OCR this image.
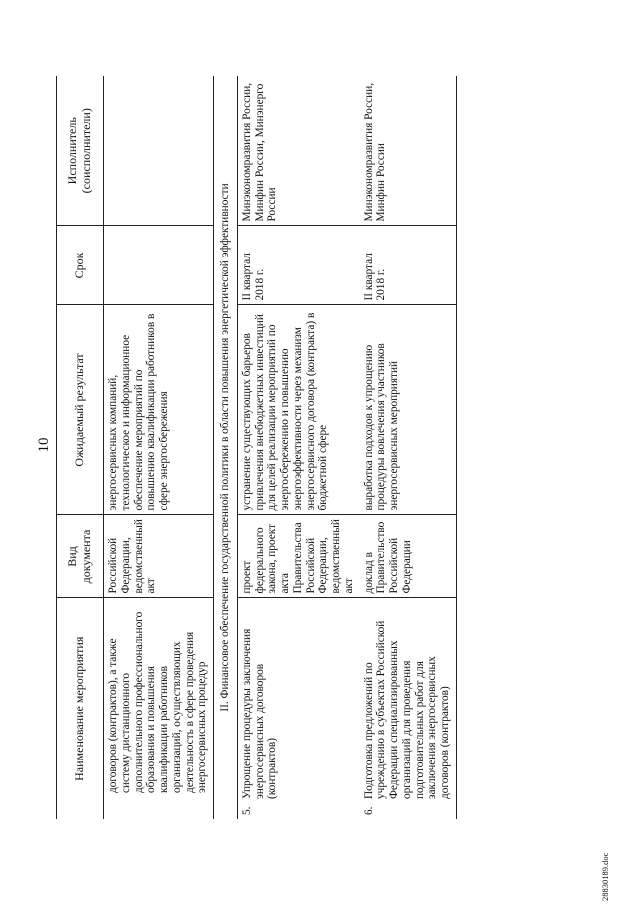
10
Наименование мероприятия	Вид документа	Ожидаемый результат	Срок	Исполнитель (соисполнители)

договоров (контрактов), а также систему дистанционного дополнительного профессионального образования и повышения квалификации работников организаций, осуществляющих деятельность в сфере проведения энергосервисных процедур	Российской Федерации, ведомственный акт	энергосервисных компаний, технологическое и информационное обеспечение мероприятий по повышению квалификации работников в сфере энергосбережения		
II. Финансовое обеспечение государственной политики в области повышения энергетической эффективности				
5.Упрощение процедуры заключения энергосервисных договоров (контрактов)	проект федерального закона, проект акта Правительства Российской Федерации, ведомственный акт	устранение существующих барьеров привлечения внебюджетных инвестиций для целей реализации мероприятий по энергосбережению и повышению энергоэффективности через механизм энергосервисного договора (контракта) в бюджетной сфере	II квартал 2018 г.	Минэкономразвития России, Минфин России, Минэнерго России
6.Подготовка предложений по учреждению в субъектах Российской Федерации специализированных организаций для проведения подготовительных работ для заключения энергосервисных договоров (контрактов)	доклад в Правительство Российской Федерации	выработка подходов к упрощению процедуры вовлечения участников энергосервисных мероприятий	II квартал 2018 г.	Минэкономразвития России, Минфин России
28830189.doc
